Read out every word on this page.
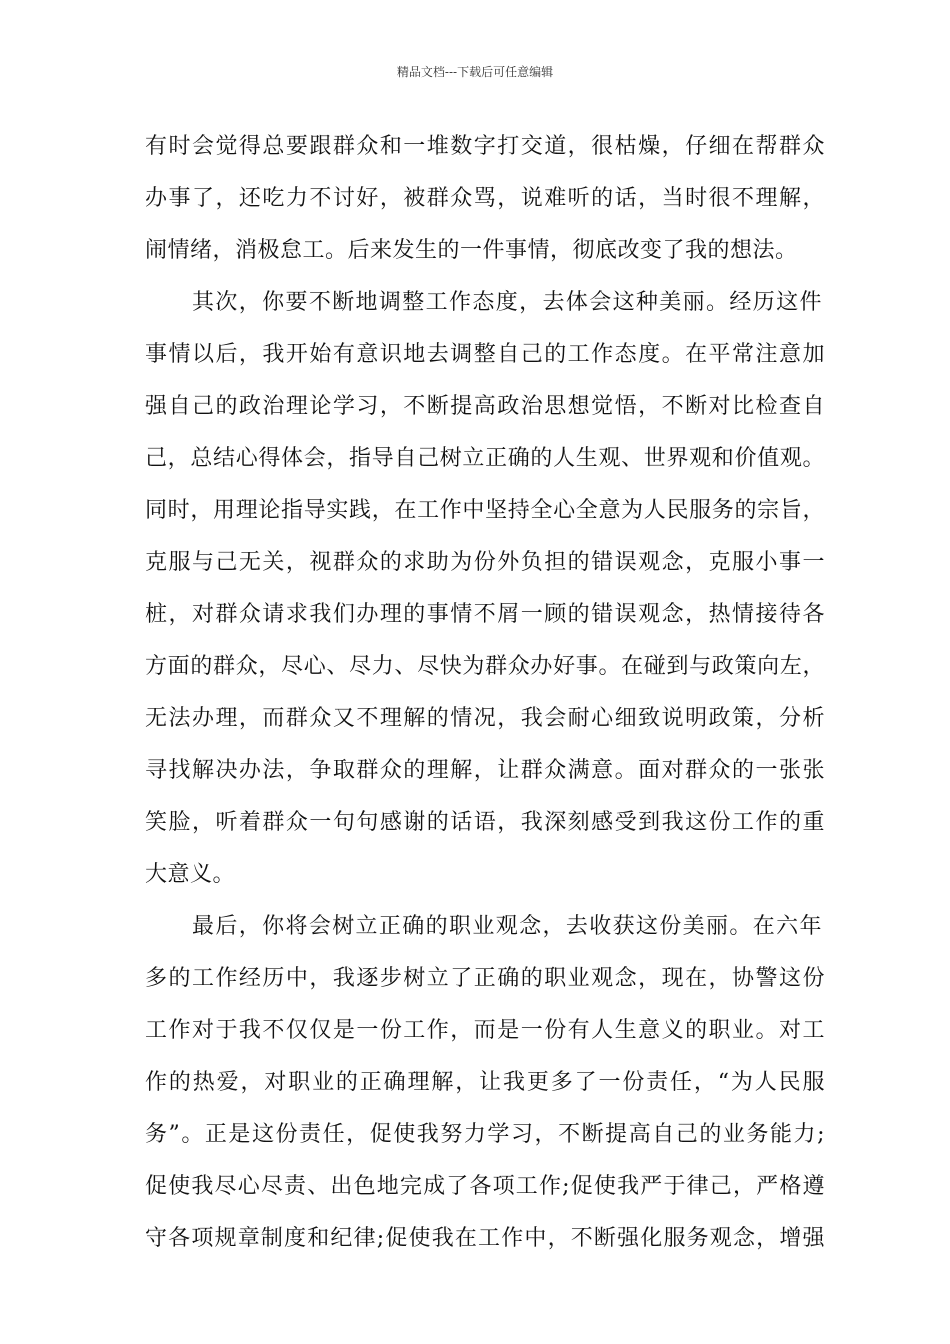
精品文档---下载后可任意编辑
有时会觉得总要跟群众和一堆数字打交道，很枯燥，仔细在帮群众
办事了，还吃力不讨好，被群众骂，说难听的话，当时很不理解，
闹情绪，消极怠工。后来发生的一件事情，彻底改变了我的想法。
其次，你要不断地调整工作态度，去体会这种美丽。经历这件
事情以后，我开始有意识地去调整自己的工作态度。在平常注意加
强自己的政治理论学习，不断提高政治思想觉悟，不断对比检查自
己，总结心得体会，指导自己树立正确的人生观、世界观和价值观。
同时，用理论指导实践，在工作中坚持全心全意为人民服务的宗旨，
克服与己无关，视群众的求助为份外负担的错误观念，克服小事一
桩，对群众请求我们办理的事情不屑一顾的错误观念，热情接待各
方面的群众，尽心、尽力、尽快为群众办好事。在碰到与政策向左，
无法办理，而群众又不理解的情况，我会耐心细致说明政策，分析
寻找解决办法，争取群众的理解，让群众满意。面对群众的一张张
笑脸，听着群众一句句感谢的话语，我深刻感受到我这份工作的重
大意义。
最后，你将会树立正确的职业观念，去收获这份美丽。在六年
多的工作经历中，我逐步树立了正确的职业观念，现在，协警这份
工作对于我不仅仅是一份工作，而是一份有人生意义的职业。对工
作的热爱，对职业的正确理解，让我更多了一份责任，“为人民服
务”。正是这份责任，促使我努力学习，不断提高自己的业务能力;
促使我尽心尽责、出色地完成了各项工作;促使我严于律己，严格遵
守各项规章制度和纪律;促使我在工作中，不断强化服务观念，增强
